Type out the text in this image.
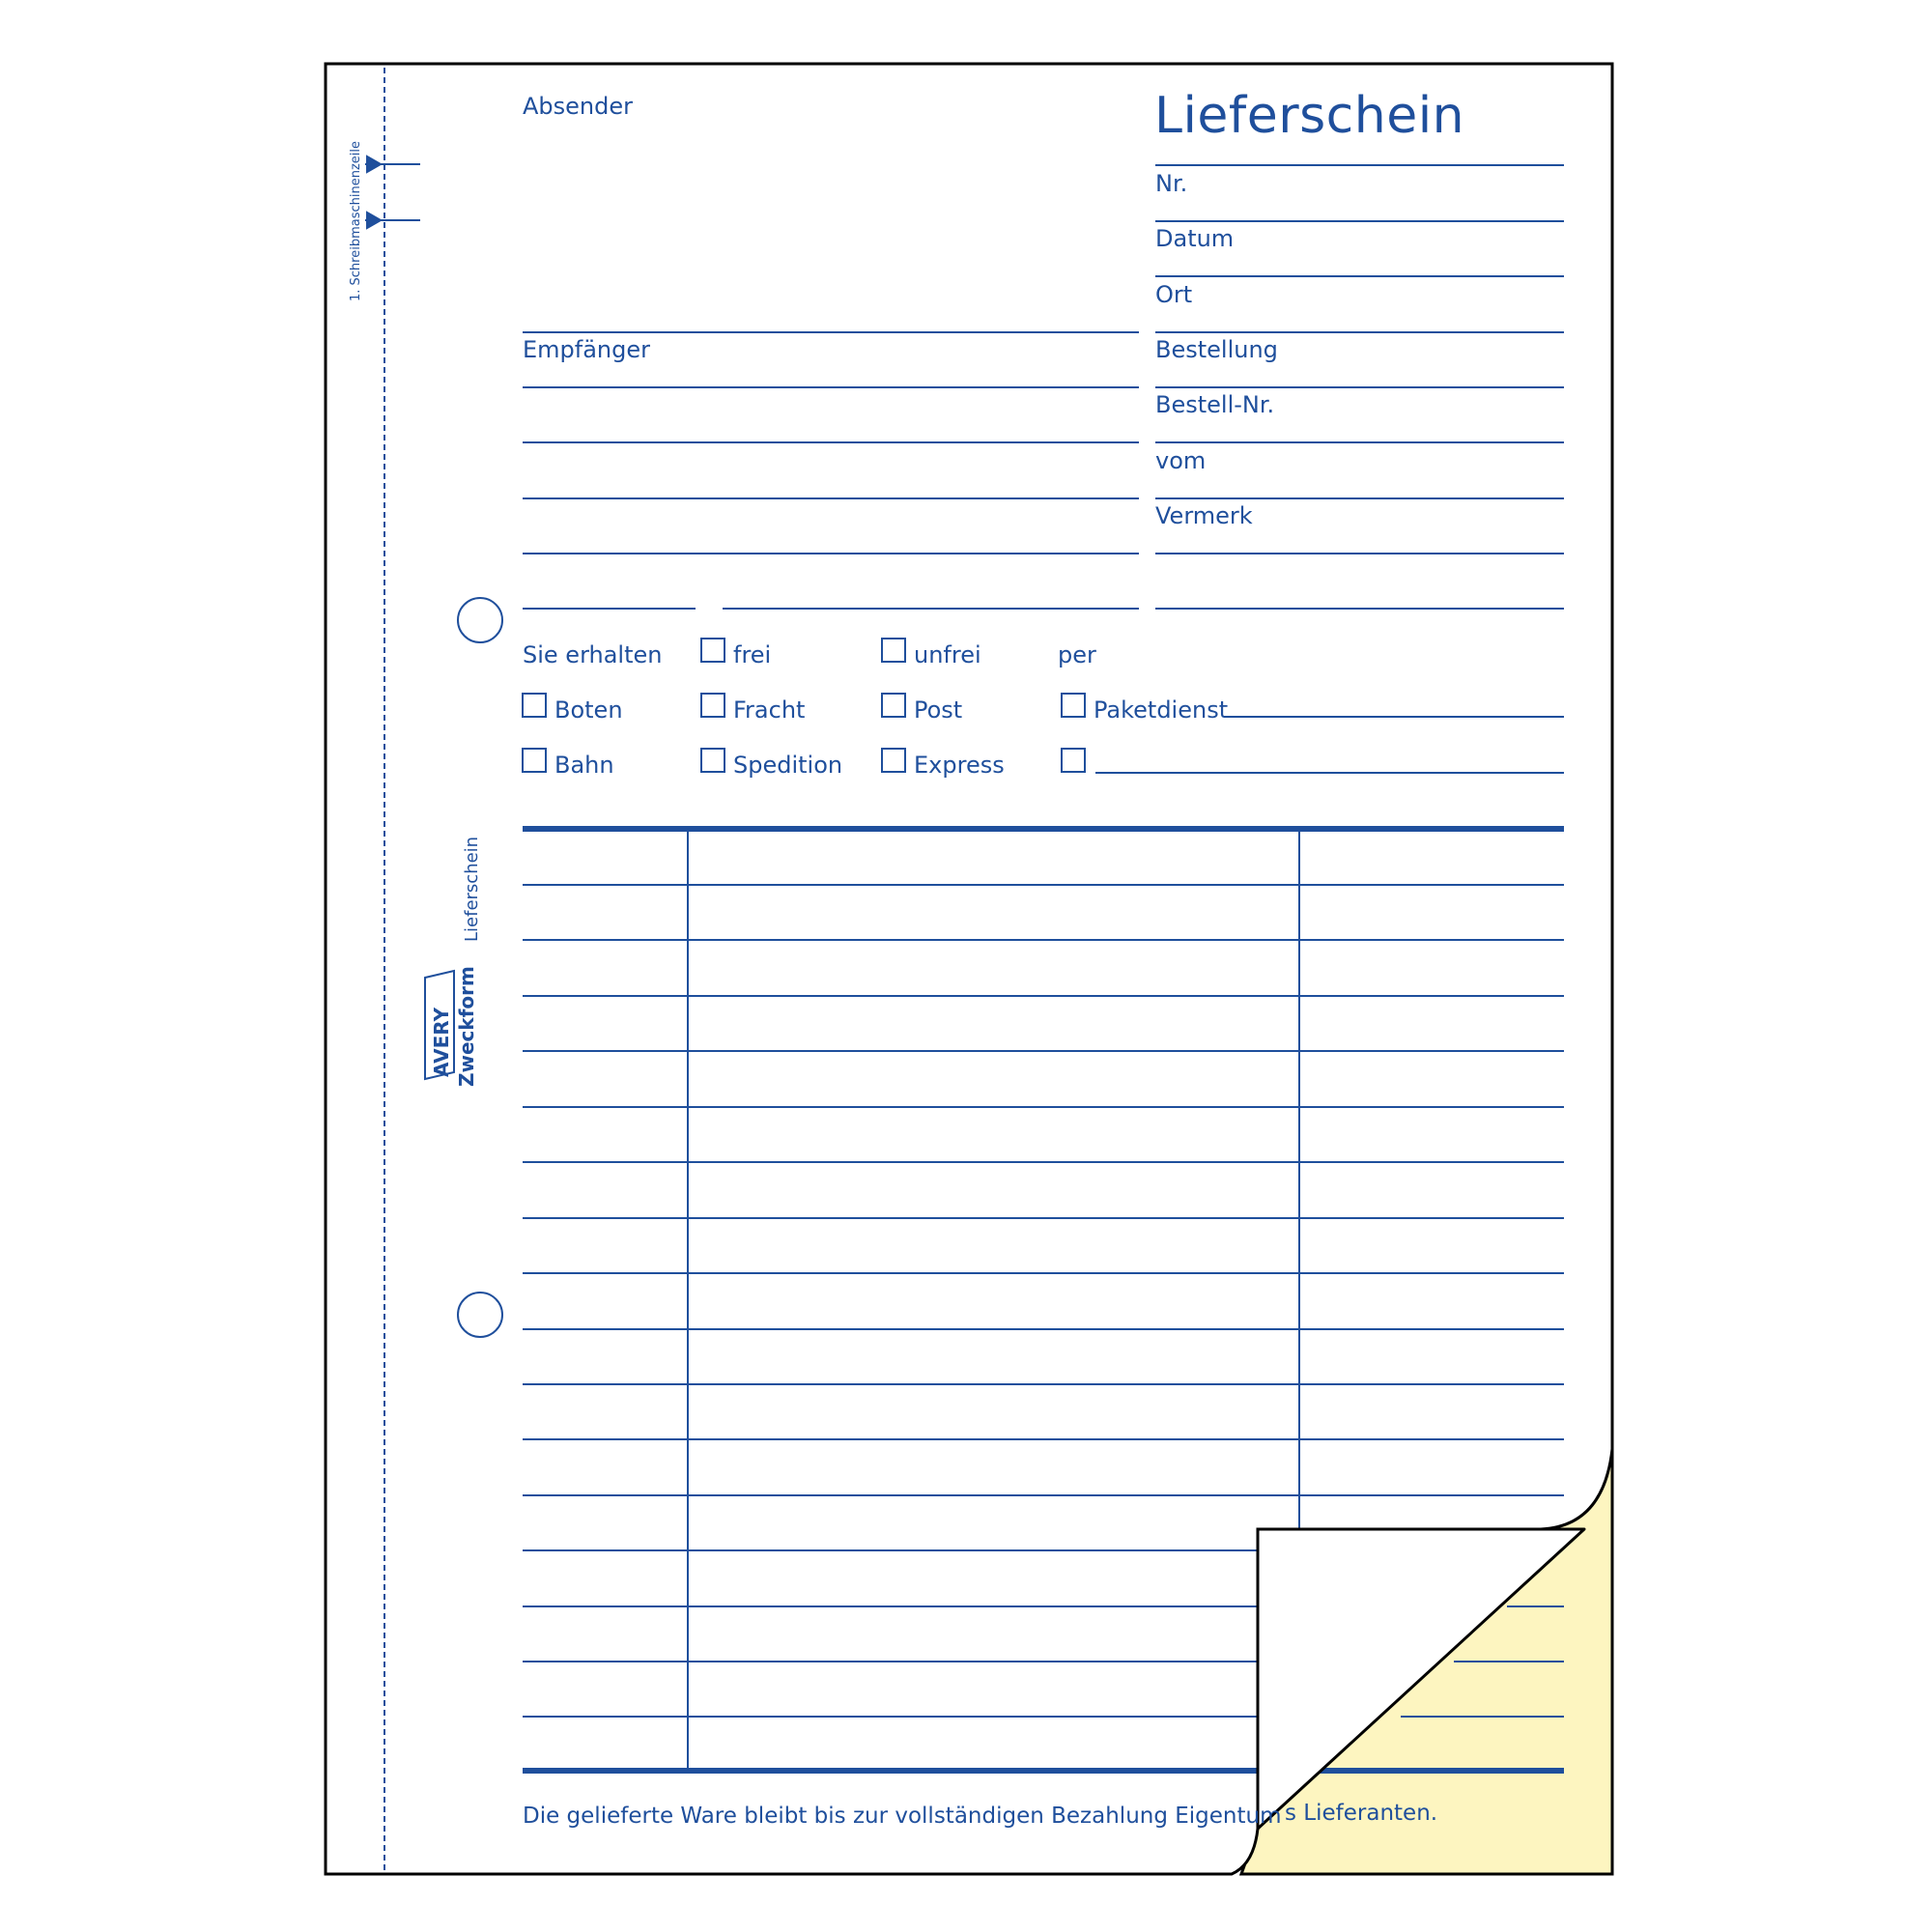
1. Schreibmaschinenzeile
Lieferschein
AVERY Zweckform
Lieferschein
Absender
Empfänger
Nr.
Datum
Ort
Bestellung
Bestell-Nr.
vom
Vermerk
Sie erhalten	frei	unfrei	per
Boten	Fracht	Post	Paketdienst
Bahn	Spedition	Express
Die gelieferte Ware bleibt bis zur vollständigen Bezahlung Eigentum s Lieferanten.
